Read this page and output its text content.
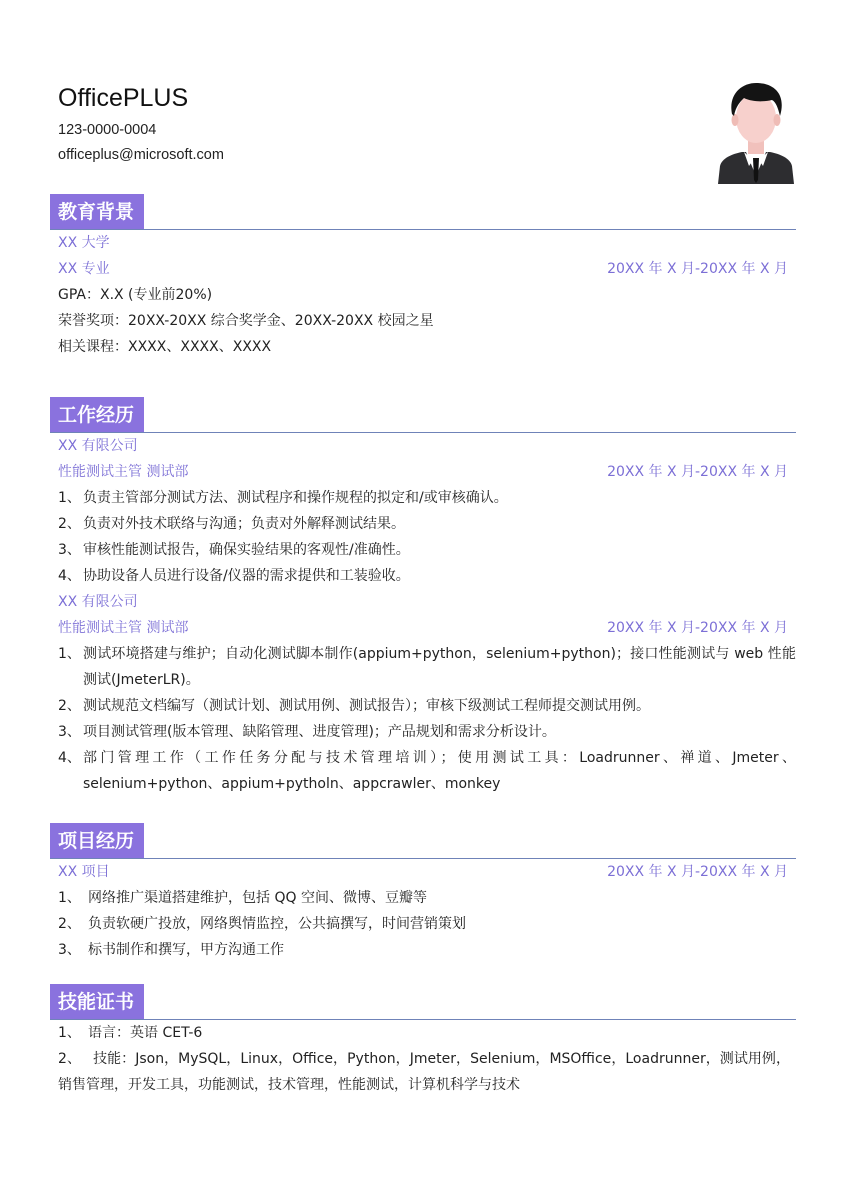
OfficePLUS
123-0000-0004
officeplus@microsoft.com
教育背景
XX 大学
XX 专业	20XX 年 X 月-20XX 年 X 月
GPA：X.X (专业前20%)
荣誉奖项：20XX-20XX 综合奖学金、20XX-20XX 校园之星
相关课程：XXXX、XXXX、XXXX
工作经历
XX 有限公司
性能测试主管 测试部	20XX 年 X 月-20XX 年 X 月
1、 负责主管部分测试方法、测试程序和操作规程的拟定和/或审核确认。
2、 负责对外技术联络与沟通；负责对外解释测试结果。
3、 审核性能测试报告，确保实验结果的客观性/准确性。
4、 协助设备人员进行设备/仪器的需求提供和工装验收。
XX 有限公司
性能测试主管 测试部	20XX 年 X 月-20XX 年 X 月
1、 测试环境搭建与维护；自动化测试脚本制作(appium+python，selenium+python)；接口性能测试与 web 性能测试(JmeterLR)。
2、 测试规范文档编写（测试计划、测试用例、测试报告）；审核下级测试工程师提交测试用例。
3、 项目测试管理(版本管理、缺陷管理、进度管理)；产品规划和需求分析设计。
4、 部门管理工作（工作任务分配与技术管理培训）；使用测试工具：Loadrunner、禅道、Jmeter、selenium+python、appium+pytholn、appcrawler、monkey
项目经历
XX 项目	20XX 年 X 月-20XX 年 X 月
1、 网络推广渠道搭建维护，包括 QQ 空间、微博、豆瓣等
2、 负责软硬广投放，网络舆情监控，公共搞撰写，时间营销策划
3、 标书制作和撰写，甲方沟通工作
技能证书
1、 语言：英语 CET-6
2、 技能：Json，MySQL，Linux，Office，Python，Jmeter，Selenium，MSOffice，Loadrunner，测试用例，销售管理，开发工具，功能测试，技术管理，性能测试，计算机科学与技术
